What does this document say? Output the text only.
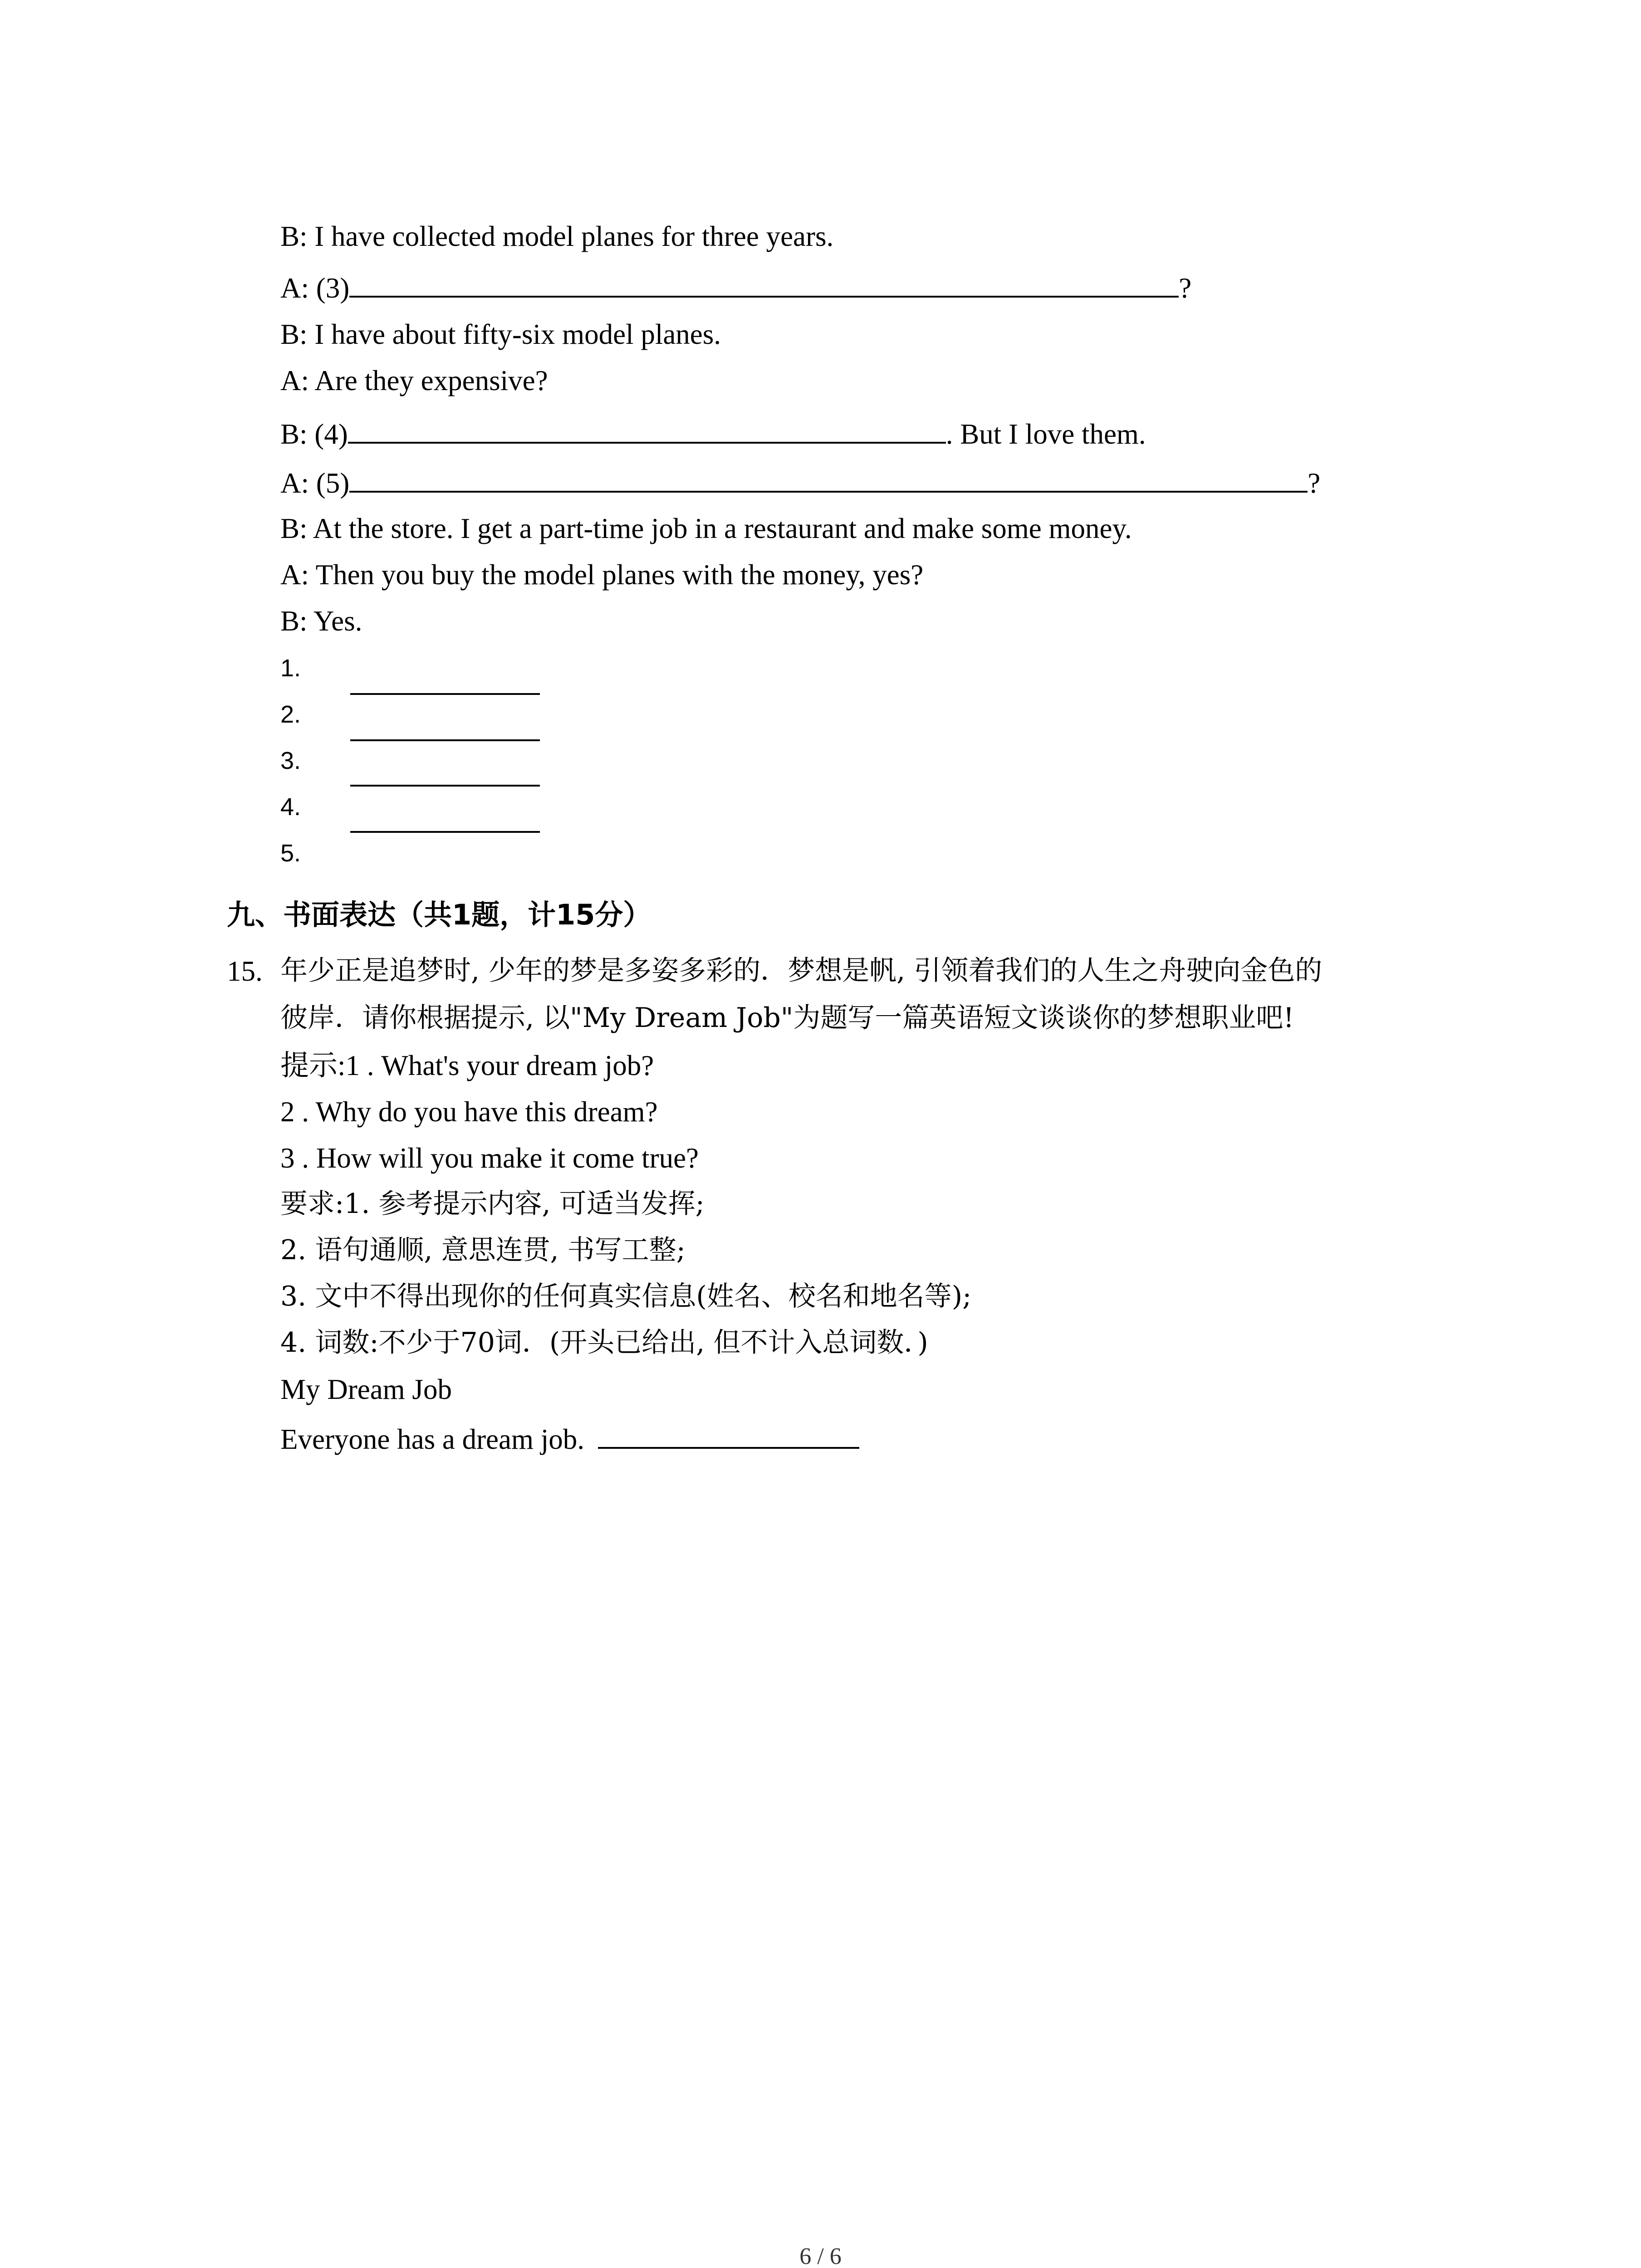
B: I have collected model planes for three years.
A: (3)	?
B: I have about fifty-six model planes.
A: Are they expensive?
B: (4)	. But I love them.
A: (5)	?
B: At the store. I get a part-time job in a restaurant and make some money.
A: Then you buy the model planes with the money, yes?
B: Yes.
1.
2.
3.
4.
5.
九、书面表达（共1题，计15分）
15. 年少正是追梦时, 少年的梦是多姿多彩的．梦想是帆, 引领着我们的人生之舟驶向金色的
彼岸．请你根据提示, 以"My Dream Job"为题写一篇英语短文谈谈你的梦想职业吧!
提示:1 . What's your dream job?
2 . Why do you have this dream?
3 . How will you make it come true?
要求:1. 参考提示内容, 可适当发挥;
2. 语句通顺, 意思连贯, 书写工整;
3. 文中不得出现你的任何真实信息(姓名、校名和地名等);
4. 词数:不少于70词．(开头已给出, 但不计入总词数．)
My Dream Job
Everyone has a dream job.
6 / 6
